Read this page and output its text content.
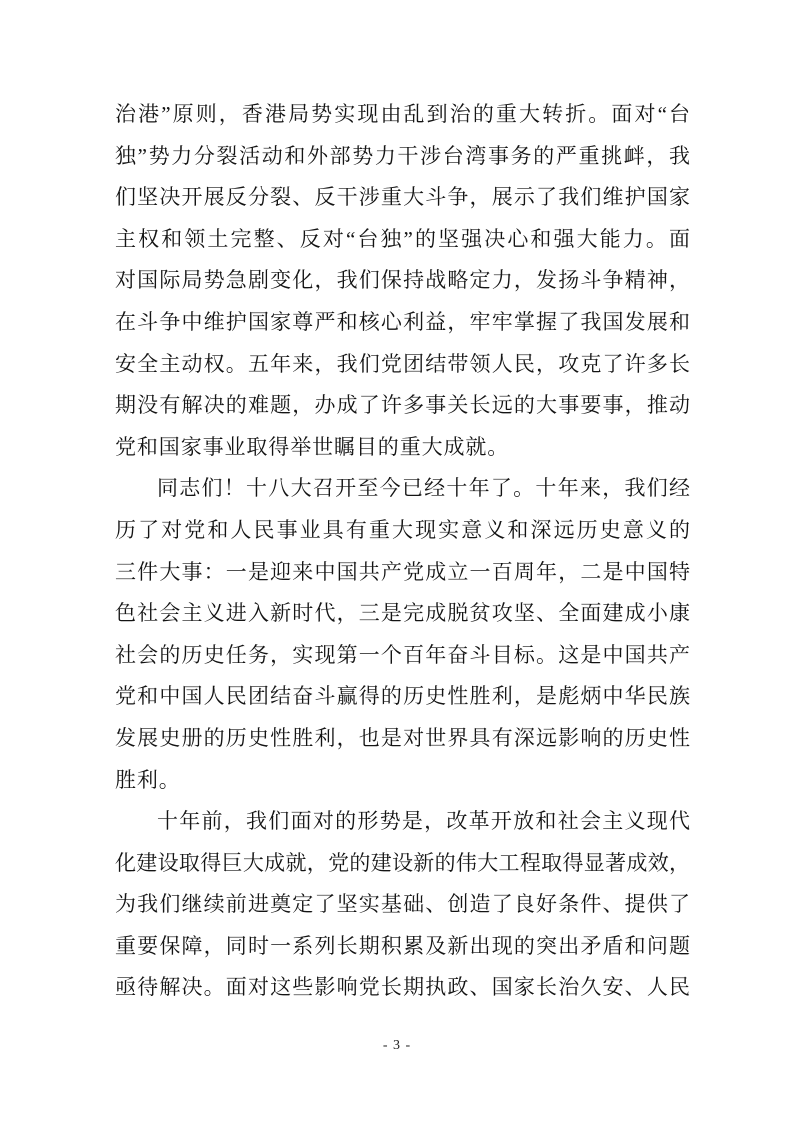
治港”原则，香港局势实现由乱到治的重大转折。面对“台
独”势力分裂活动和外部势力干涉台湾事务的严重挑衅，我
们坚决开展反分裂、反干涉重大斗争，展示了我们维护国家
主权和领土完整、反对“台独”的坚强决心和强大能力。面
对国际局势急剧变化，我们保持战略定力，发扬斗争精神，
在斗争中维护国家尊严和核心利益，牢牢掌握了我国发展和
安全主动权。五年来，我们党团结带领人民，攻克了许多长
期没有解决的难题，办成了许多事关长远的大事要事，推动
党和国家事业取得举世瞩目的重大成就。
同志们！十八大召开至今已经十年了。十年来，我们经
历了对党和人民事业具有重大现实意义和深远历史意义的
三件大事：一是迎来中国共产党成立一百周年，二是中国特
色社会主义进入新时代，三是完成脱贫攻坚、全面建成小康
社会的历史任务，实现第一个百年奋斗目标。这是中国共产
党和中国人民团结奋斗赢得的历史性胜利，是彪炳中华民族
发展史册的历史性胜利，也是对世界具有深远影响的历史性
胜利。
十年前，我们面对的形势是，改革开放和社会主义现代
化建设取得巨大成就，党的建设新的伟大工程取得显著成效，
为我们继续前进奠定了坚实基础、创造了良好条件、提供了
重要保障，同时一系列长期积累及新出现的突出矛盾和问题
亟待解决。面对这些影响党长期执政、国家长治久安、人民
- 3 -
